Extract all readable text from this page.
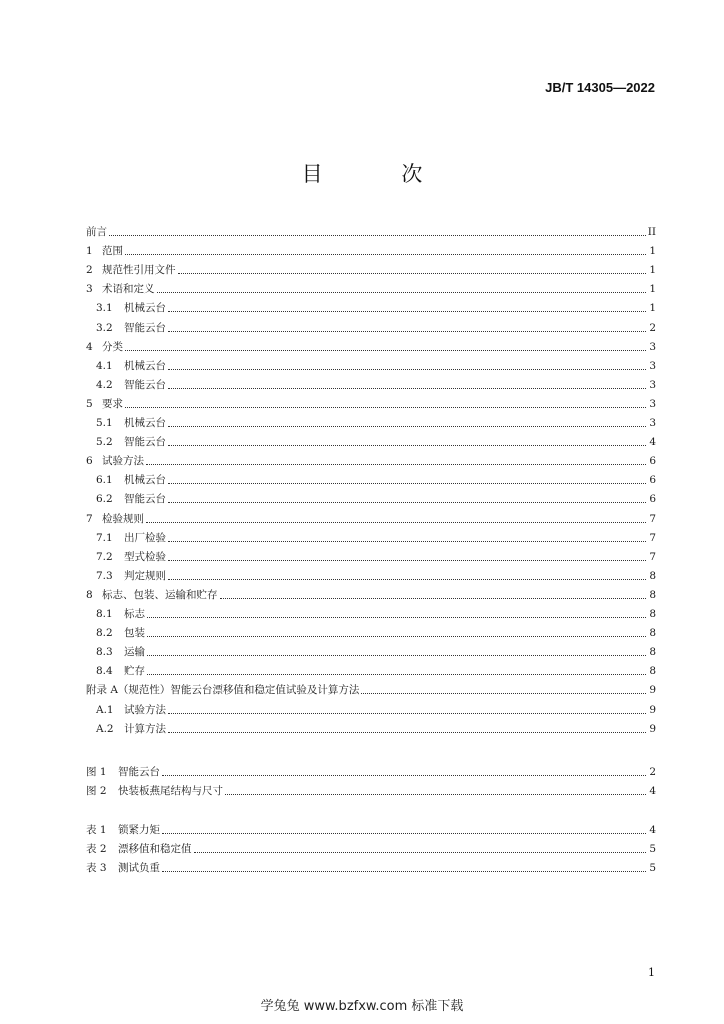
JB/T 14305—2022
目 次
前言	II
1 范围	1
2 规范性引用文件	1
3 术语和定义	1
3.1	机械云台	1
3.2	智能云台	2
4 分类	3
4.1	机械云台	3
4.2	智能云台	3
5 要求	3
5.1	机械云台	3
5.2	智能云台	4
6 试验方法	6
6.1	机械云台	6
6.2	智能云台	6
7 检验规则	7
7.1	出厂检验	7
7.2	型式检验	7
7.3	判定规则	8
8 标志、包装、运输和贮存	8
8.1	标志	8
8.2	包装	8
8.3	运输	8
8.4	贮存	8
附录 A（规范性）智能云台漂移值和稳定值试验及计算方法	9
A.1 试验方法	9
A.2 计算方法	9
图 1	智能云台	2
图 2	快装板燕尾结构与尺寸	4
表 1	锁紧力矩	4
表 2	漂移值和稳定值	5
表 3	测试负重	5
1
学兔兔 www.bzfxw.com 标准下载
